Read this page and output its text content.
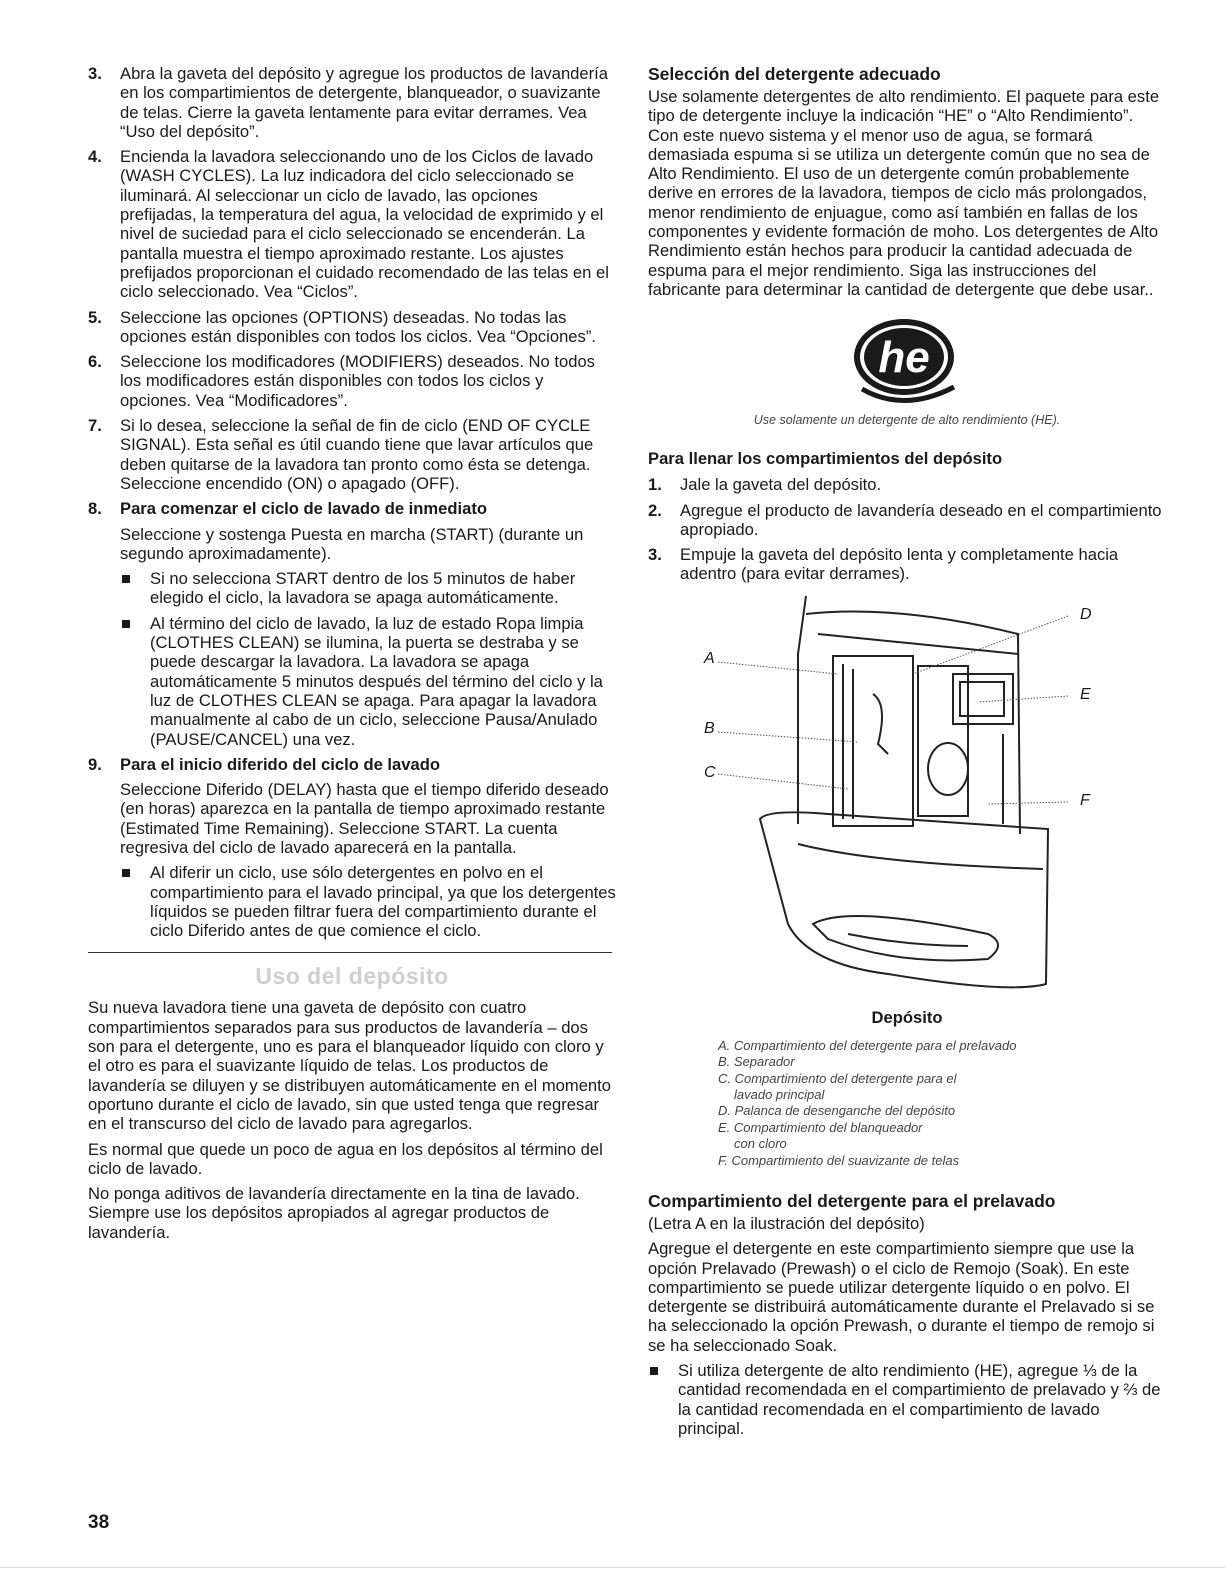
3. Abra la gaveta del depósito y agregue los productos de lavandería en los compartimientos de detergente, blanqueador, o suavizante de telas. Cierre la gaveta lentamente para evitar derrames. Vea “Uso del depósito”.
4. Encienda la lavadora seleccionando uno de los Ciclos de lavado (WASH CYCLES). La luz indicadora del ciclo seleccionado se iluminará. Al seleccionar un ciclo de lavado, las opciones prefijadas, la temperatura del agua, la velocidad de exprimido y el nivel de suciedad para el ciclo seleccionado se encenderán. La pantalla muestra el tiempo aproximado restante. Los ajustes prefijados proporcionan el cuidado recomendado de las telas en el ciclo seleccionado. Vea “Ciclos”.
5. Seleccione las opciones (OPTIONS) deseadas. No todas las opciones están disponibles con todos los ciclos. Vea “Opciones”.
6. Seleccione los modificadores (MODIFIERS) deseados. No todos los modificadores están disponibles con todos los ciclos y opciones. Vea “Modificadores”.
7. Si lo desea, seleccione la señal de fin de ciclo (END OF CYCLE SIGNAL). Esta señal es útil cuando tiene que lavar artículos que deben quitarse de la lavadora tan pronto como ésta se detenga. Seleccione encendido (ON) o apagado (OFF).
8. Para comenzar el ciclo de lavado de inmediato

Seleccione y sostenga Puesta en marcha (START) (durante un segundo aproximadamente).

Si no selecciona START dentro de los 5 minutos de haber elegido el ciclo, la lavadora se apaga automáticamente.
Al término del ciclo de lavado, la luz de estado Ropa limpia (CLOTHES CLEAN) se ilumina, la puerta se destraba y se puede descargar la lavadora. La lavadora se apaga automáticamente 5 minutos después del término del ciclo y la luz de CLOTHES CLEAN se apaga. Para apagar la lavadora manualmente al cabo de un ciclo, seleccione Pausa/Anulado (PAUSE/CANCEL) una vez.
9. Para el inicio diferido del ciclo de lavado

Seleccione Diferido (DELAY) hasta que el tiempo diferido deseado (en horas) aparezca en la pantalla de tiempo aproximado restante (Estimated Time Remaining). Seleccione START. La cuenta regresiva del ciclo de lavado aparecerá en la pantalla.

Al diferir un ciclo, use sólo detergentes en polvo en el compartimiento para el lavado principal, ya que los detergentes líquidos se pueden filtrar fuera del compartimiento durante el ciclo Diferido antes de que comience el ciclo.
Uso del depósito

Su nueva lavadora tiene una gaveta de depósito con cuatro compartimientos separados para sus productos de lavandería – dos son para el detergente, uno es para el blanqueador líquido con cloro y el otro es para el suavizante líquido de telas. Los productos de lavandería se diluyen y se distribuyen automáticamente en el momento oportuno durante el ciclo de lavado, sin que usted tenga que regresar en el transcurso del ciclo de lavado para agregarlos.

Es normal que quede un poco de agua en los depósitos al término del ciclo de lavado.

No ponga aditivos de lavandería directamente en la tina de lavado. Siempre use los depósitos apropiados al agregar productos de lavandería.

Selección del detergente adecuado

Use solamente detergentes de alto rendimiento. El paquete para este tipo de detergente incluye la indicación “HE” o “Alto Rendimiento”. Con este nuevo sistema y el menor uso de agua, se formará demasiada espuma si se utiliza un detergente común que no sea de Alto Rendimiento. El uso de un detergente común probablemente derive en errores de la lavadora, tiempos de ciclo más prolongados, menor rendimiento de enjuague, como así también en fallas de los componentes y evidente formación de moho. Los detergentes de Alto Rendimiento están hechos para producir la cantidad adecuada de espuma para el mejor rendimiento. Siga las instrucciones del fabricante para determinar la cantidad de detergente que debe usar..

he

Use solamente un detergente de alto rendimiento (HE).

Para llenar los compartimientos del depósito

1. Jale la gaveta del depósito.
2. Agregue el producto de lavandería deseado en el compartimiento apropiado.
3. Empuje la gaveta del depósito lenta y completamente hacia adentro (para evitar derrames).
A
B
C
D
E
F

Depósito

A. Compartimiento del detergente para el prelavado
B. Separador
C. Compartimiento del detergente para el
lavado principal
D. Palanca de desenganche del depósito
E. Compartimiento del blanqueador
con cloro
F. Compartimiento del suavizante de telas

Compartimiento del detergente para el prelavado

(Letra A en la ilustración del depósito)

Agregue el detergente en este compartimiento siempre que use la opción Prelavado (Prewash) o el ciclo de Remojo (Soak). En este compartimiento se puede utilizar detergente líquido o en polvo. El detergente se distribuirá automáticamente durante el Prelavado si se ha seleccionado la opción Prewash, o durante el tiempo de remojo si se ha seleccionado Soak.

Si utiliza detergente de alto rendimiento (HE), agregue ⅓ de la cantidad recomendada en el compartimiento de prelavado y ⅔ de la cantidad recomendada en el compartimiento de lavado principal.
38
